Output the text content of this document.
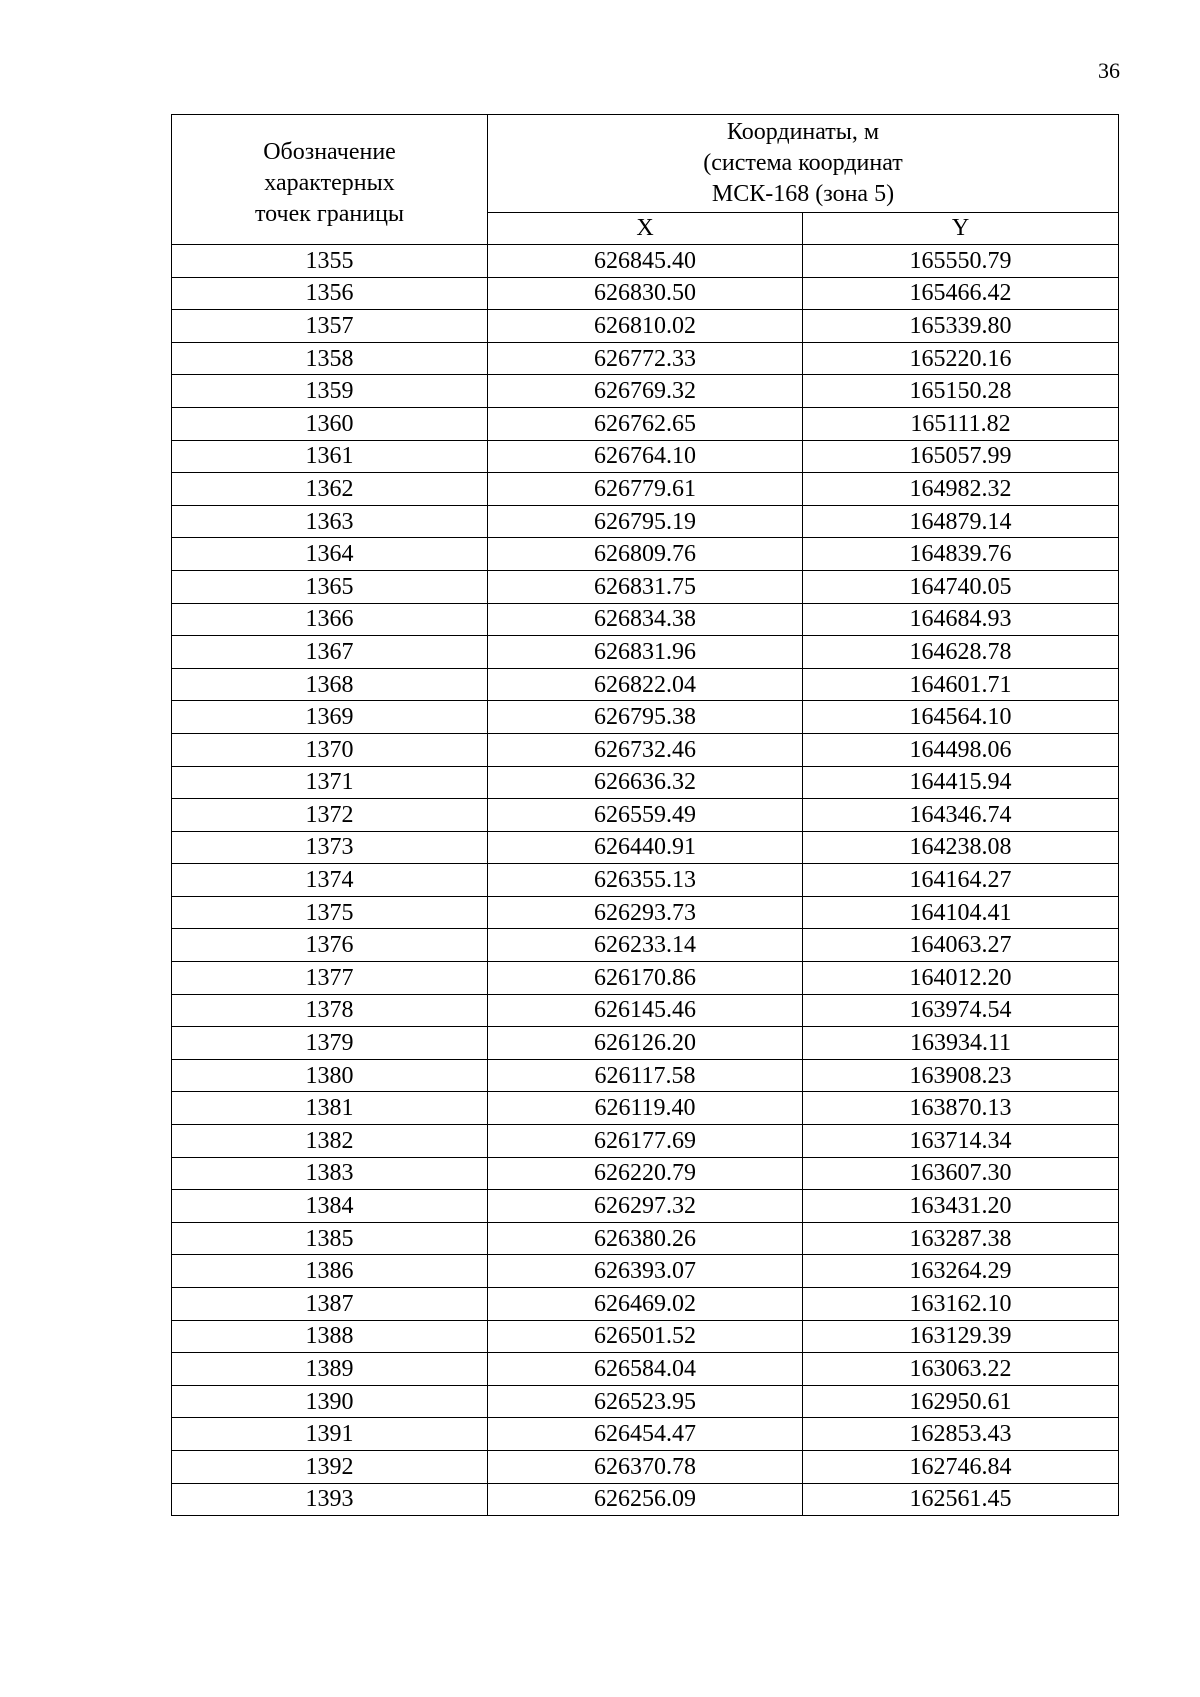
36
Обозначение
характерных
точек границы	Координаты, м
(система координат
МСК-168 (зона 5)	

	X	Y
1355	626845.40	165550.79
1356	626830.50	165466.42
1357	626810.02	165339.80
1358	626772.33	165220.16
1359	626769.32	165150.28
1360	626762.65	165111.82
1361	626764.10	165057.99
1362	626779.61	164982.32
1363	626795.19	164879.14
1364	626809.76	164839.76
1365	626831.75	164740.05
1366	626834.38	164684.93
1367	626831.96	164628.78
1368	626822.04	164601.71
1369	626795.38	164564.10
1370	626732.46	164498.06
1371	626636.32	164415.94
1372	626559.49	164346.74
1373	626440.91	164238.08
1374	626355.13	164164.27
1375	626293.73	164104.41
1376	626233.14	164063.27
1377	626170.86	164012.20
1378	626145.46	163974.54
1379	626126.20	163934.11
1380	626117.58	163908.23
1381	626119.40	163870.13
1382	626177.69	163714.34
1383	626220.79	163607.30
1384	626297.32	163431.20
1385	626380.26	163287.38
1386	626393.07	163264.29
1387	626469.02	163162.10
1388	626501.52	163129.39
1389	626584.04	163063.22
1390	626523.95	162950.61
1391	626454.47	162853.43
1392	626370.78	162746.84
1393	626256.09	162561.45
